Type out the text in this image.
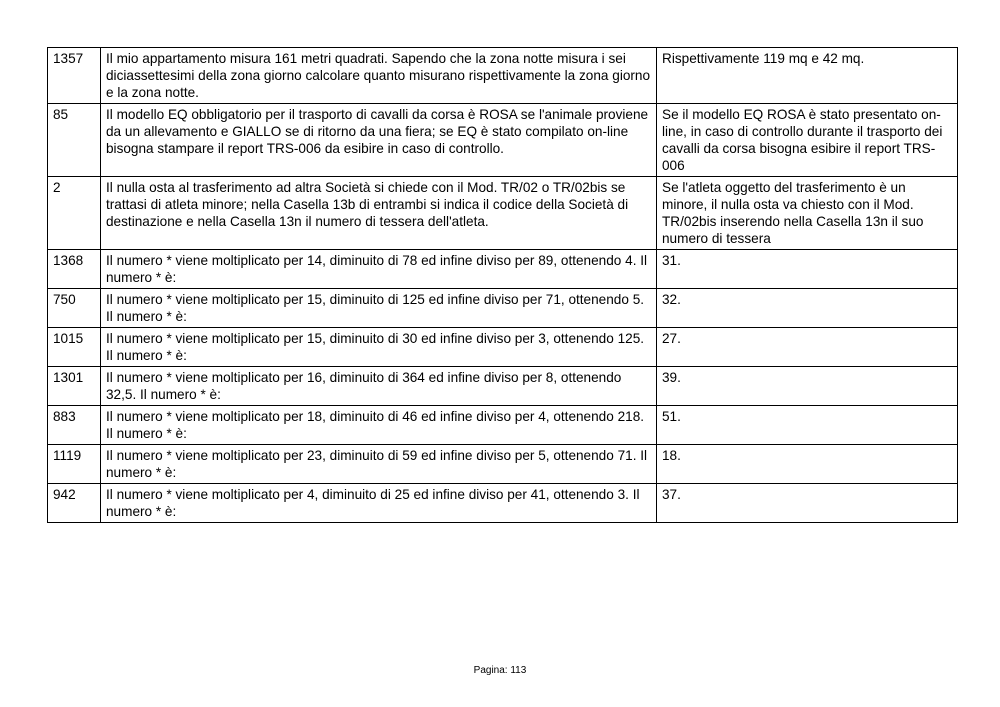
1357	Il mio appartamento misura 161 metri quadrati. Sapendo che la zona notte misura i sei diciassettesimi della zona giorno calcolare quanto misurano rispettivamente la zona giorno e la zona notte.	Rispettivamente 119 mq e 42 mq.
85	Il modello EQ obbligatorio per il trasporto di cavalli da corsa è ROSA se l'animale proviene da un allevamento e GIALLO se di ritorno da una fiera; se EQ è stato compilato on-line bisogna stampare il report TRS-006 da esibire in caso di controllo.	Se il modello EQ ROSA è stato presentato on-line, in caso di controllo durante il trasporto dei cavalli da corsa bisogna esibire il report TRS-006
2	Il nulla osta al trasferimento ad altra Società si chiede con il Mod. TR/02 o TR/02bis se trattasi di atleta minore; nella Casella 13b di entrambi si indica il codice della Società di destinazione e nella Casella 13n il numero di tessera dell'atleta.	Se l'atleta oggetto del trasferimento è un minore, il nulla osta va chiesto con il Mod. TR/02bis inserendo nella Casella 13n il suo numero di tessera
1368	Il numero * viene moltiplicato per 14, diminuito di 78 ed infine diviso per 89, ottenendo 4. Il numero * è:	31.
750	Il numero * viene moltiplicato per 15, diminuito di 125 ed infine diviso per 71, ottenendo 5. Il numero * è:	32.
1015	Il numero * viene moltiplicato per 15, diminuito di 30 ed infine diviso per 3, ottenendo 125. Il numero * è:	27.
1301	Il numero * viene moltiplicato per 16, diminuito di 364 ed infine diviso per 8, ottenendo 32,5. Il numero * è:	39.
883	Il numero * viene moltiplicato per 18, diminuito di 46 ed infine diviso per 4, ottenendo 218. Il numero * è:	51.
1119	Il numero * viene moltiplicato per 23, diminuito di 59 ed infine diviso per 5, ottenendo 71. Il numero * è:	18.
942	Il numero * viene moltiplicato per 4, diminuito di 25 ed infine diviso per 41, ottenendo 3. Il numero * è:	37.
Pagina: 113
